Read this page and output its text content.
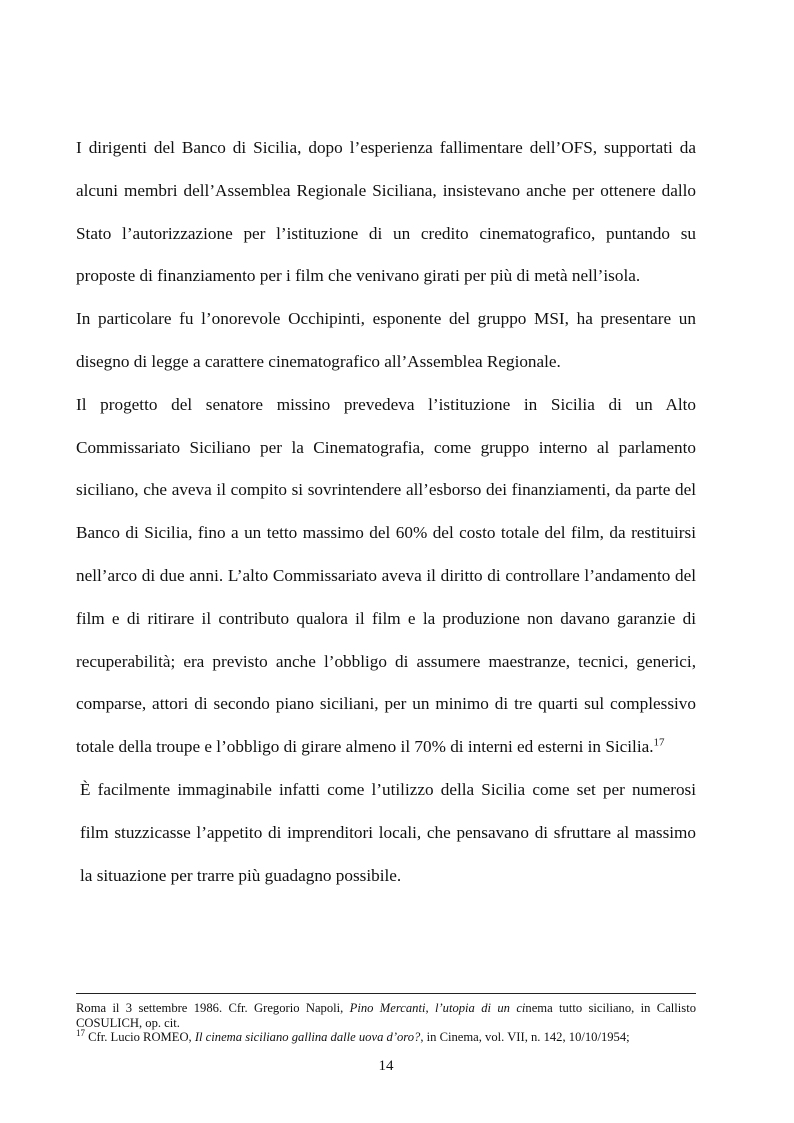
I dirigenti del Banco di Sicilia, dopo l’esperienza fallimentare dell’OFS, supportati da alcuni membri dell’Assemblea Regionale Siciliana, insistevano anche per ottenere dallo Stato l’autorizzazione per l’istituzione di un credito cinematografico, puntando su proposte di finanziamento per i film che venivano girati per più di metà nell’isola.

In particolare fu l’onorevole Occhipinti, esponente del gruppo MSI, ha presentare un disegno di legge a carattere cinematografico all’Assemblea Regionale.

Il progetto del senatore missino prevedeva l’istituzione in Sicilia di un Alto Commissariato Siciliano per la Cinematografia, come gruppo interno al parlamento siciliano, che aveva il compito si sovrintendere all’esborso dei finanziamenti, da parte del Banco di Sicilia, fino a un tetto massimo del 60% del costo totale del film, da restituirsi nell’arco di due anni. L’alto Commissariato aveva il diritto di controllare l’andamento del film e di ritirare il contributo qualora il film e la produzione non davano garanzie di recuperabilità; era previsto anche l’obbligo di assumere maestranze, tecnici, generici, comparse, attori di secondo piano siciliani, per un minimo di tre quarti sul complessivo totale della troupe e l’obbligo di girare almeno il 70% di interni ed esterni in Sicilia.$^{17}$

È facilmente immaginabile infatti come l’utilizzo della Sicilia come set per numerosi film stuzzicasse l’appetito di imprenditori locali, che pensavano di sfruttare al massimo la situazione per trarre più guadagno possibile.

Roma il 3 settembre 1986. Cfr. Gregorio Napoli, Pino Mercanti, l’utopia di un cinema tutto siciliano, in Callisto COSULICH, op. cit.

$^{17}$ Cfr. Lucio ROMEO, Il cinema siciliano gallina dalle uova d’oro?, in Cinema, vol. VII, n. 142, 10/10/1954;

14
